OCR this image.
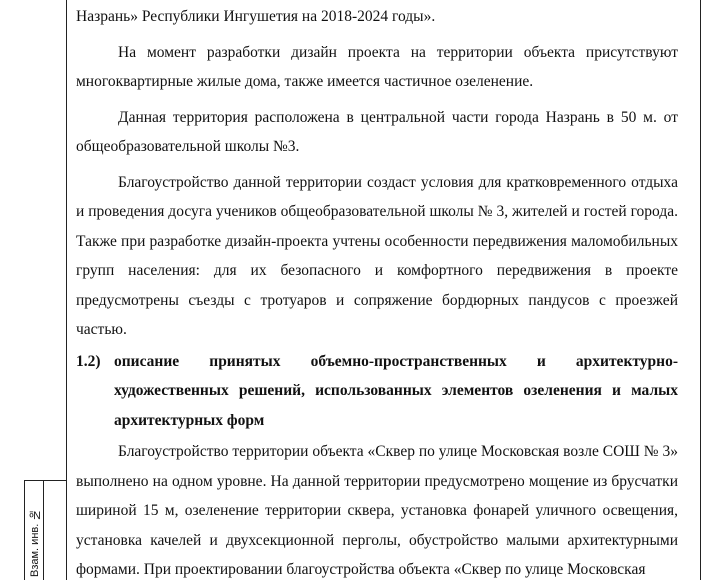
Взам. инв. №

Назрань» Республики Ингушетия на 2018-2024 годы».

На момент разработки дизайн проекта на территории объекта присутствуют многоквартирные жилые дома, также имеется частичное озеленение.

Данная территория расположена в центральной части города Назрань в 50 м. от общеобразовательной школы №3.

Благоустройство данной территории создаст условия для кратковременного отдыха и проведения досуга учеников общеобразовательной школы № 3, жителей и гостей города. Также при разработке дизайн-проекта учтены особенности передвижения маломобильных групп населения: для их безопасного и комфортного передвижения в проекте предусмотрены съезды с тротуаров и сопряжение бордюрных пандусов с проезжей частью.

1.2) описание принятых объемно-пространственных и архитектурно-художественных решений, использованных элементов озеленения и малых архитектурных форм

Благоустройство территории объекта «Сквер по улице Московская возле СОШ № 3» выполнено на одном уровне. На данной территории предусмотрено мощение из брусчатки шириной 15 м, озеленение территории сквера, установка фонарей уличного освещения, установка качелей и двухсекционной перголы, обустройство малыми архитектурными формами. При проектировании благоустройства объекта «Сквер по улице Московская
